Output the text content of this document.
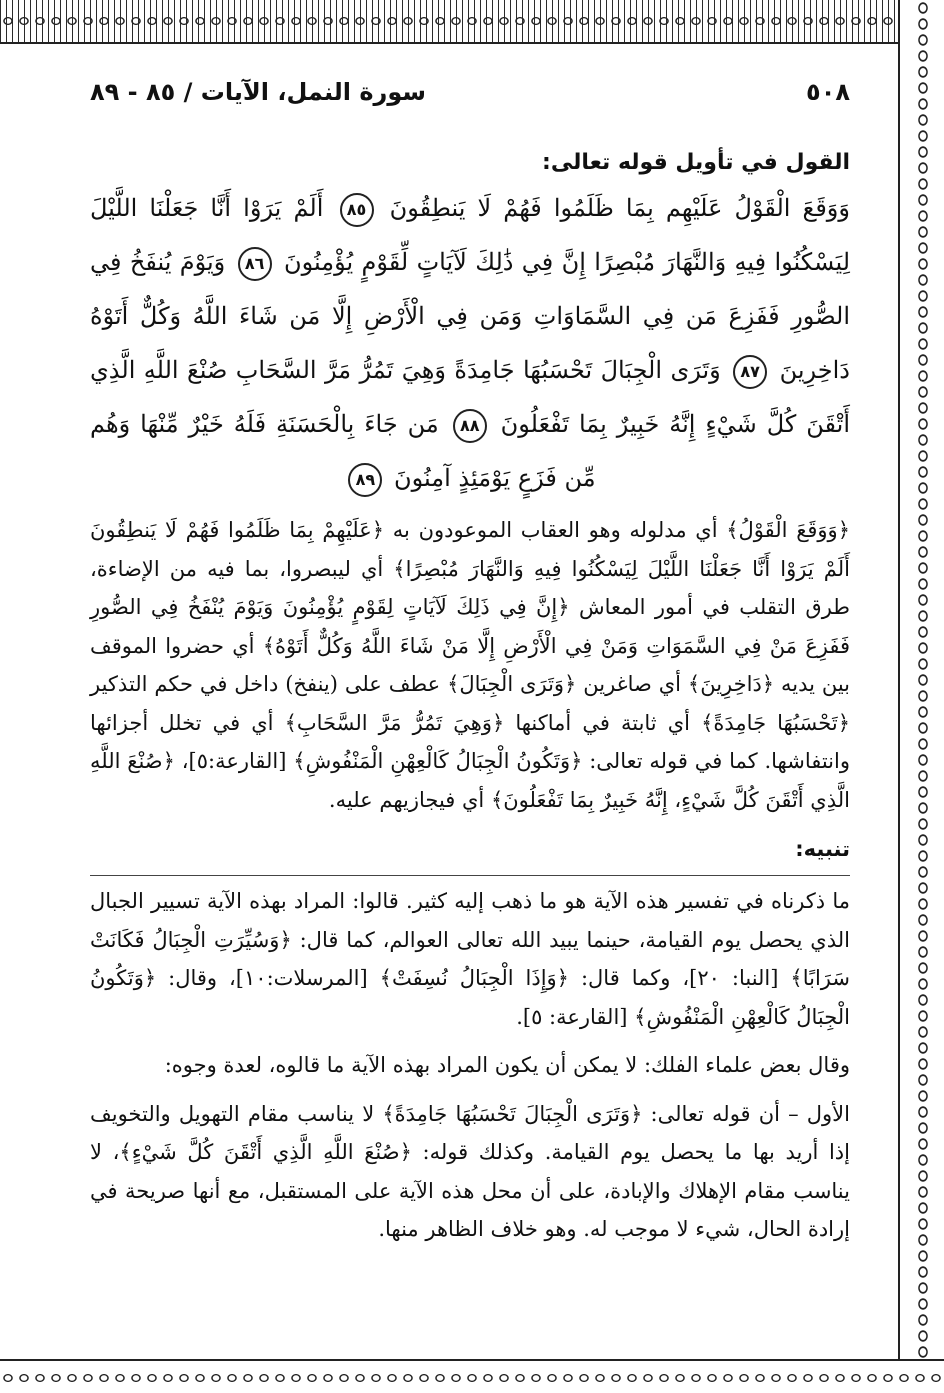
٥٠٨
سورة النمل، الآيات / ٨٥ - ٨٩
القول في تأويل قوله تعالى:
وَوَقَعَ الْقَوْلُ عَلَيْهِم بِمَا ظَلَمُوا فَهُمْ لَا يَنطِقُونَ ٨٥ أَلَمْ يَرَوْا أَنَّا جَعَلْنَا اللَّيْلَ لِيَسْكُنُوا فِيهِ وَالنَّهَارَ مُبْصِرًا إِنَّ فِي ذَٰلِكَ لَآيَاتٍ لِّقَوْمٍ يُؤْمِنُونَ ٨٦ وَيَوْمَ يُنفَخُ فِي الصُّورِ فَفَزِعَ مَن فِي السَّمَاوَاتِ وَمَن فِي الْأَرْضِ إِلَّا مَن شَاءَ اللَّهُ وَكُلٌّ أَتَوْهُ دَاخِرِينَ ٨٧ وَتَرَى الْجِبَالَ تَحْسَبُهَا جَامِدَةً وَهِيَ تَمُرُّ مَرَّ السَّحَابِ صُنْعَ اللَّهِ الَّذِي أَتْقَنَ كُلَّ شَيْءٍ إِنَّهُ خَبِيرٌ بِمَا تَفْعَلُونَ ٨٨ مَن جَاءَ بِالْحَسَنَةِ فَلَهُ خَيْرٌ مِّنْهَا وَهُم مِّن فَزَعٍ يَوْمَئِذٍ آمِنُونَ ٨٩

﴿وَوَقَعَ الْقَوْلُ﴾ أي مدلوله وهو العقاب الموعودون به ﴿عَلَيْهِمْ بِمَا ظَلَمُوا فَهُمْ لَا يَنطِقُونَ أَلَمْ يَرَوْا أَنَّا جَعَلْنَا اللَّيْلَ لِيَسْكُنُوا فِيهِ وَالنَّهَارَ مُبْصِرًا﴾ أي ليبصروا، بما فيه من الإضاءة، طرق التقلب في أمور المعاش ﴿إِنَّ فِي ذَلِكَ لَآيَاتٍ لِقَوْمٍ يُؤْمِنُونَ وَيَوْمَ يُنْفَخُ فِي الصُّورِ فَفَزِعَ مَنْ فِي السَّمَوَاتِ وَمَنْ فِي الْأَرْضِ إِلَّا مَنْ شَاءَ اللَّهُ وَكُلٌّ أَتَوْهُ﴾ أي حضروا الموقف بين يديه ﴿دَاخِرِينَ﴾ أي صاغرين ﴿وَتَرَى الْجِبَالَ﴾ عطف على (ينفخ) داخل في حكم التذكير ﴿تَحْسَبُهَا جَامِدَةً﴾ أي ثابتة في أماكنها ﴿وَهِيَ تَمُرُّ مَرَّ السَّحَابِ﴾ أي في تخلل أجزائها وانتفاشها. كما في قوله تعالى: ﴿وَتَكُونُ الْجِبَالُ كَالْعِهْنِ الْمَنْفُوشِ﴾ [القارعة:٥]، ﴿صُنْعَ اللَّهِ الَّذِي أَتْقَنَ كُلَّ شَيْءٍ، إِنَّهُ خَبِيرٌ بِمَا تَفْعَلُونَ﴾ أي فيجازيهم عليه.

تنبيه:

ما ذكرناه في تفسير هذه الآية هو ما ذهب إليه كثير. قالوا: المراد بهذه الآية تسيير الجبال الذي يحصل يوم القيامة، حينما يبيد الله تعالى العوالم، كما قال: ﴿وَسُيِّرَتِ الْجِبَالُ فَكَانَتْ سَرَابًا﴾ [النبا: ٢٠]، وكما قال: ﴿وَإِذَا الْجِبَالُ نُسِفَتْ﴾ [المرسلات:١٠]، وقال: ﴿وَتَكُونُ الْجِبَالُ كَالْعِهْنِ الْمَنْفُوشِ﴾ [القارعة: ٥].

وقال بعض علماء الفلك: لا يمكن أن يكون المراد بهذه الآية ما قالوه، لعدة وجوه:

الأول – أن قوله تعالى: ﴿وَتَرَى الْجِبَالَ تَحْسَبُهَا جَامِدَةً﴾ لا يناسب مقام التهويل والتخويف إذا أريد بها ما يحصل يوم القيامة. وكذلك قوله: ﴿صُنْعَ اللَّهِ الَّذِي أَتْقَنَ كُلَّ شَيْءٍ﴾، لا يناسب مقام الإهلاك والإبادة، على أن محل هذه الآية على المستقبل، مع أنها صريحة في إرادة الحال، شيء لا موجب له. وهو خلاف الظاهر منها.
